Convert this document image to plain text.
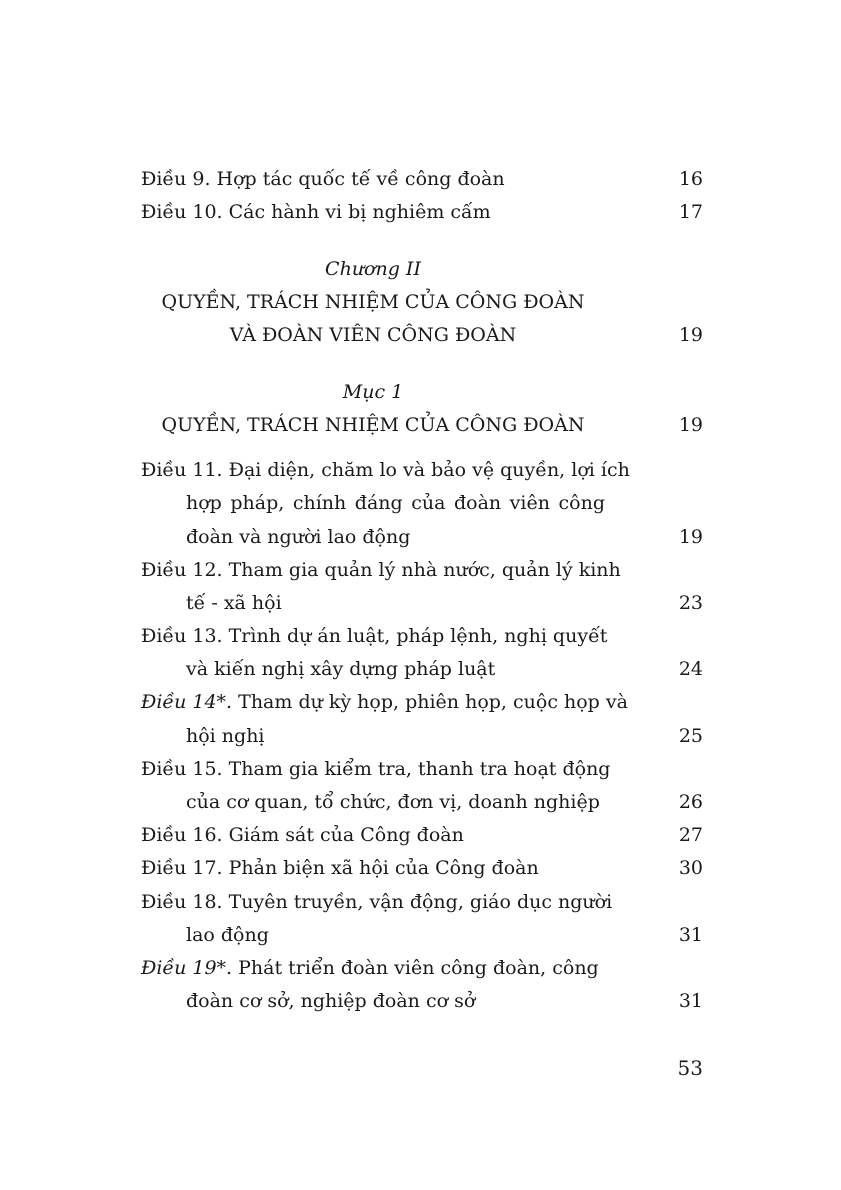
Điều 9. Hợp tác quốc tế về công đoàn	16
Điều 10. Các hành vi bị nghiêm cấm	17
Chương II
QUYỀN, TRÁCH NHIỆM CỦA CÔNG ĐOÀN
VÀ ĐOÀN VIÊN CÔNG ĐOÀN	19
Mục 1
QUYỀN, TRÁCH NHIỆM CỦA CÔNG ĐOÀN	19
Điều 11. Đại diện, chăm lo và bảo vệ quyền, lợi ích
hợp pháp, chính đáng của đoàn viên công
đoàn và người lao động	19
Điều 12. Tham gia quản lý nhà nước, quản lý kinh
tế - xã hội	23
Điều 13. Trình dự án luật, pháp lệnh, nghị quyết
và kiến nghị xây dựng pháp luật	24
Điều 14*. Tham dự kỳ họp, phiên họp, cuộc họp và
hội nghị	25
Điều 15. Tham gia kiểm tra, thanh tra hoạt động
của cơ quan, tổ chức, đơn vị, doanh nghiệp	26
Điều 16. Giám sát của Công đoàn	27
Điều 17. Phản biện xã hội của Công đoàn	30
Điều 18. Tuyên truyền, vận động, giáo dục người
lao động	31
Điều 19*. Phát triển đoàn viên công đoàn, công
đoàn cơ sở, nghiệp đoàn cơ sở	31
53
